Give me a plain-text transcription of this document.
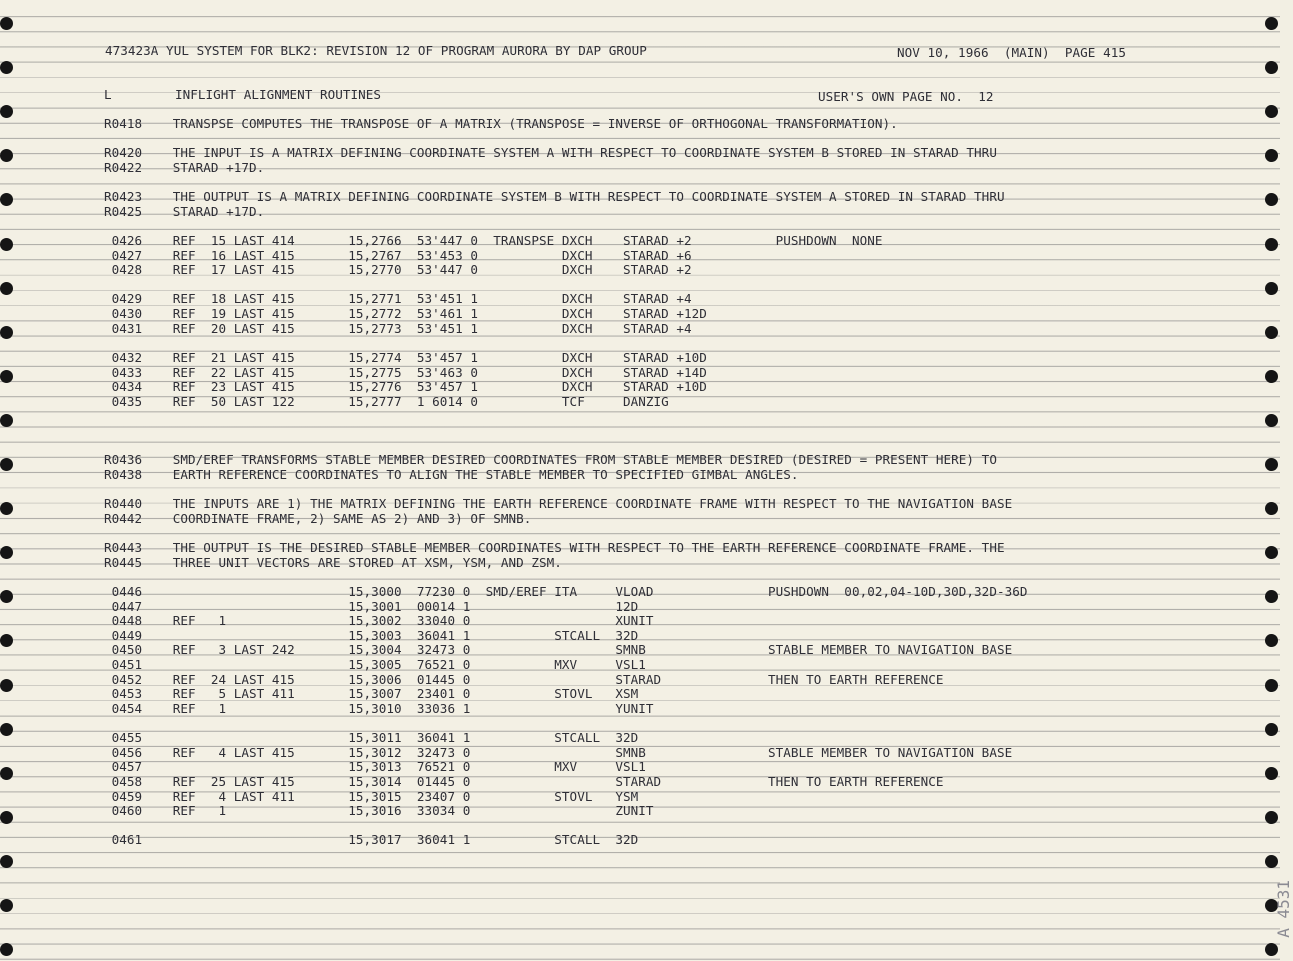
473423A YUL SYSTEM FOR BLK2: REVISION 12 OF PROGRAM AURORA BY DAP GROUP	NOV 10, 1966  (MAIN)  PAGE 415
L	INFLIGHT ALIGNMENT ROUTINES	USER'S OWN PAGE NO.  12
R0418    TRANSPSE COMPUTES THE TRANSPOSE OF A MATRIX (TRANSPOSE = INVERSE OF ORTHOGONAL TRANSFORMATION).
R0420    THE INPUT IS A MATRIX DEFINING COORDINATE SYSTEM A WITH RESPECT TO COORDINATE SYSTEM B STORED IN STARAD THRU
R0422    STARAD +17D.
R0423    THE OUTPUT IS A MATRIX DEFINING COORDINATE SYSTEM B WITH RESPECT TO COORDINATE SYSTEM A STORED IN STARAD THRU
R0425    STARAD +17D.
0426    REF  15 LAST 414       15,2766  53'447 0  TRANSPSE DXCH    STARAD +2           PUSHDOWN  NONE
0427    REF  16 LAST 415       15,2767  53'453 0           DXCH    STARAD +6
0428    REF  17 LAST 415       15,2770  53'447 0           DXCH    STARAD +2
0429    REF  18 LAST 415       15,2771  53'451 1           DXCH    STARAD +4
0430    REF  19 LAST 415       15,2772  53'461 1           DXCH    STARAD +12D
0431    REF  20 LAST 415       15,2773  53'451 1           DXCH    STARAD +4
0432    REF  21 LAST 415       15,2774  53'457 1           DXCH    STARAD +10D
0433    REF  22 LAST 415       15,2775  53'463 0           DXCH    STARAD +14D
0434    REF  23 LAST 415       15,2776  53'457 1           DXCH    STARAD +10D
0435    REF  50 LAST 122       15,2777  1 6014 0           TCF     DANZIG
R0436    SMD/EREF TRANSFORMS STABLE MEMBER DESIRED COORDINATES FROM STABLE MEMBER DESIRED (DESIRED = PRESENT HERE) TO
R0438    EARTH REFERENCE COORDINATES TO ALIGN THE STABLE MEMBER TO SPECIFIED GIMBAL ANGLES.
R0440    THE INPUTS ARE 1) THE MATRIX DEFINING THE EARTH REFERENCE COORDINATE FRAME WITH RESPECT TO THE NAVIGATION BASE
R0442    COORDINATE FRAME, 2) SAME AS 2) AND 3) OF SMNB.
R0443    THE OUTPUT IS THE DESIRED STABLE MEMBER COORDINATES WITH RESPECT TO THE EARTH REFERENCE COORDINATE FRAME. THE
R0445    THREE UNIT VECTORS ARE STORED AT XSM, YSM, AND ZSM.
0446                           15,3000  77230 0  SMD/EREF ITA     VLOAD               PUSHDOWN  00,02,04-10D,30D,32D-36D
0447                           15,3001  00014 1                   12D
0448    REF   1                15,3002  33040 0                   XUNIT
0449                           15,3003  36041 1           STCALL  32D
0450    REF   3 LAST 242       15,3004  32473 0                   SMNB                STABLE MEMBER TO NAVIGATION BASE
0451                           15,3005  76521 0           MXV     VSL1
0452    REF  24 LAST 415       15,3006  01445 0                   STARAD              THEN TO EARTH REFERENCE
0453    REF   5 LAST 411       15,3007  23401 0           STOVL   XSM
0454    REF   1                15,3010  33036 1                   YUNIT
0455                           15,3011  36041 1           STCALL  32D
0456    REF   4 LAST 415       15,3012  32473 0                   SMNB                STABLE MEMBER TO NAVIGATION BASE
0457                           15,3013  76521 0           MXV     VSL1
0458    REF  25 LAST 415       15,3014  01445 0                   STARAD              THEN TO EARTH REFERENCE
0459    REF   4 LAST 411       15,3015  23407 0           STOVL   YSM
0460    REF   1                15,3016  33034 0                   ZUNIT
0461                           15,3017  36041 1           STCALL  32D
A 4531
